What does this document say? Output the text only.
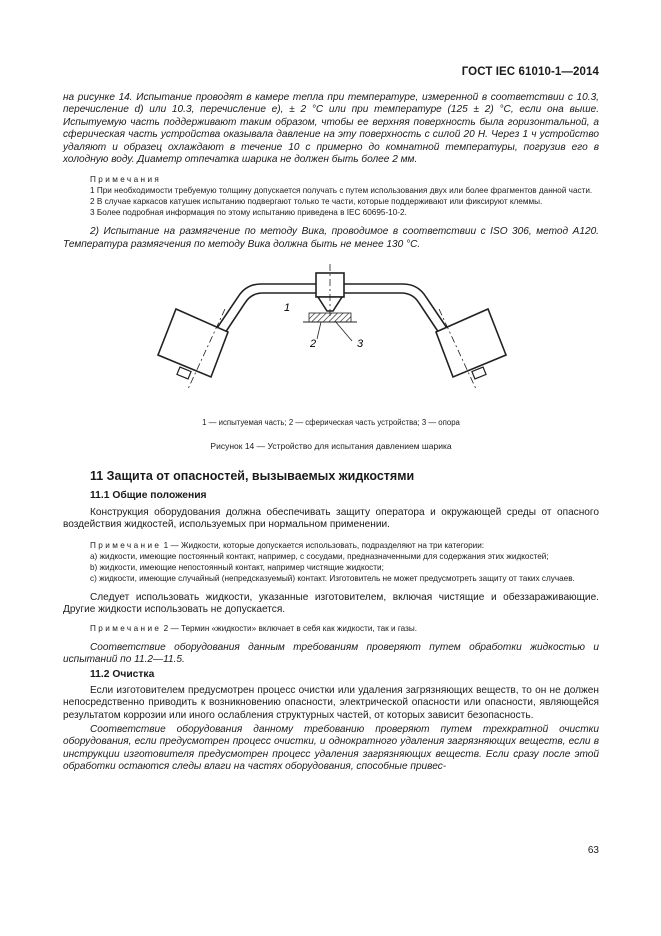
ГОСТ IEC 61010-1—2014

на рисунке 14. Испытание проводят в камере тепла при температуре, измеренной в соответствии с 10.3, перечисление d) или 10.3, перечисление e), ± 2 °C или при температуре (125 ± 2) °C, если она выше. Испытуемую часть поддерживают таким образом, чтобы ее верхняя поверхность была горизонтальной, а сферическая часть устройства оказывала давление на эту поверхность с силой 20 Н. Через 1 ч устройство удаляют и образец охлаждают в течение 10 с примерно до комнатной температуры, погрузив его в холодную воду. Диаметр отпечатка шарика не должен быть более 2 мм.

Примечания

1 При необходимости требуемую толщину допускается получать с путем использования двух или более фрагментов данной части.

2 В случае каркасов катушек испытанию подвергают только те части, которые поддерживают или фиксируют клеммы.

3 Более подробная информация по этому испытанию приведена в IEC 60695-10-2.

2) Испытание на размягчение по методу Вика, проводимое в соответствии с ISO 306, метод A120. Температура размягчения по методу Вика должна быть не менее 130 °C.

1
2	3

1 — испытуемая часть; 2 — сферическая часть устройства; 3 — опора

Рисунок 14 — Устройство для испытания давлением шарика

11 Защита от опасностей, вызываемых жидкостями

11.1 Общие положения

Конструкция оборудования должна обеспечивать защиту оператора и окружающей среды от опасного воздействия жидкостей, используемых при нормальном применении.

Примечание 1 — Жидкости, которые допускается использовать, подразделяют на три категории:

a) жидкости, имеющие постоянный контакт, например, с сосудами, предназначенными для содержания этих жидкостей;

b) жидкости, имеющие непостоянный контакт, например чистящие жидкости;

c) жидкости, имеющие случайный (непредсказуемый) контакт. Изготовитель не может предусмотреть защиту от таких случаев.

Следует использовать жидкости, указанные изготовителем, включая чистящие и обеззараживающие. Другие жидкости использовать не допускается.

Примечание 2 — Термин «жидкости» включает в себя как жидкости, так и газы.

Соответствие оборудования данным требованиям проверяют путем обработки жидкостью и испытаний по 11.2—11.5.

11.2 Очистка

Если изготовителем предусмотрен процесс очистки или удаления загрязняющих веществ, то он не должен непосредственно приводить к возникновению опасности, электрической опасности или опасности, являющейся результатом коррозии или иного ослабления структурных частей, от которых зависит безопасность.

Соответствие оборудования данному требованию проверяют путем трехкратной очистки оборудования, если предусмотрен процесс очистки, и однократного удаления загрязняющих веществ, если в инструкции изготовителя предусмотрен процесс удаления загрязняющих веществ. Если сразу после этой обработки остаются следы влаги на частях оборудования, способные привес-

63
